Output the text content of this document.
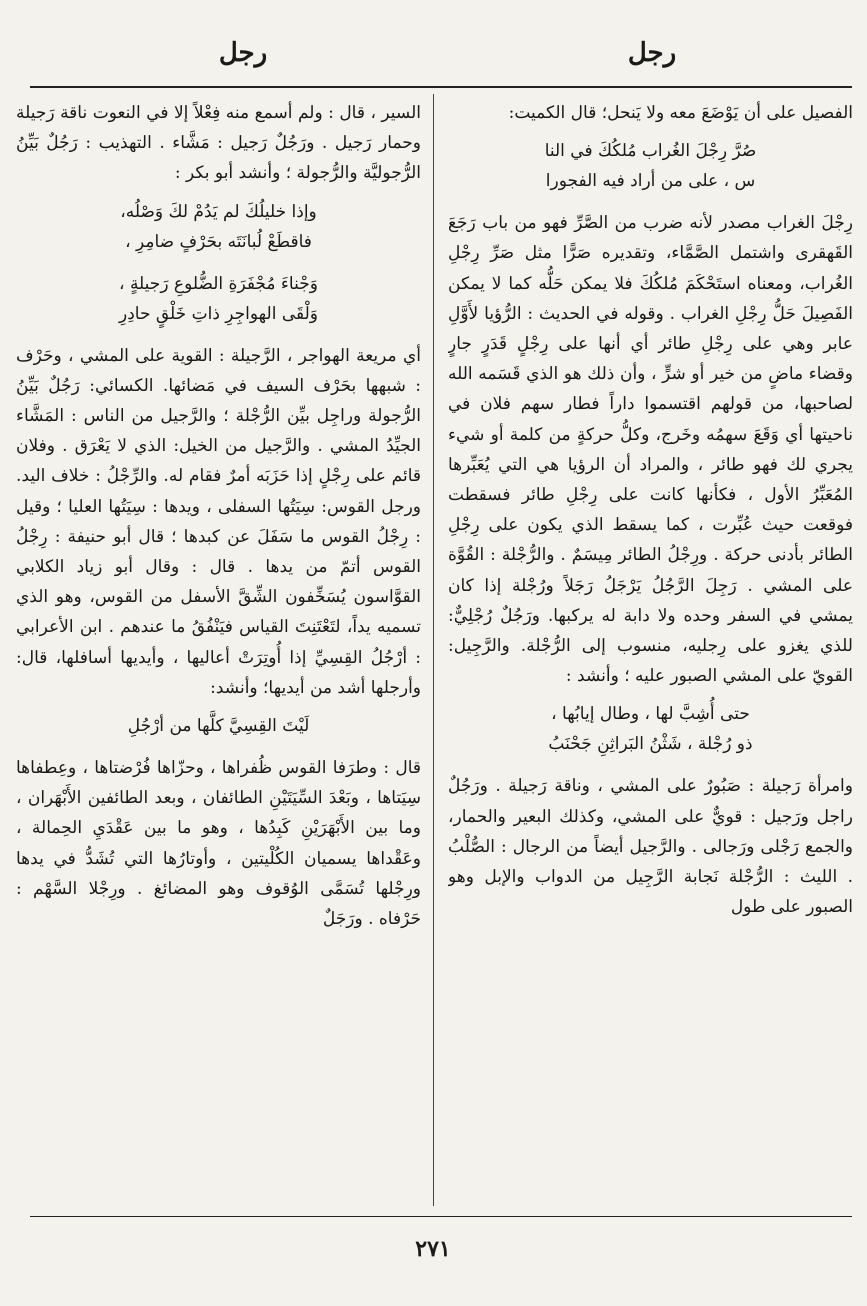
رجل
رجل

الفصيل على أن يَوْضَعَ معه ولا يَنحل؛ قال الكميت:

صُرَّ رِجْلَ الغُراب مُلكُكَ في النا
س ، على من أراد فيه الفجورا

رِجْلَ الغراب مصدر لأنه ضرب من الصَّرِّ فهو من باب رَجَعَ القَهقرى واشتمل الصَّمَّاء، وتقديره صَرًّا مثل صَرِّ رِجْلِ الغُراب، ومعناه استَحْكَمَ مُلكُكَ فلا يمكن حَلُّه كما لا يمكن الفَصِيلَ حَلُّ رِجْلِ الغراب . وقوله في الحديث : الرُّؤيا لأَوَّلِ عابر وهي على رِجْلِ طائر أي أنها على رِجْلٍ قَدَرٍ جارٍ وقضاء ماضٍ من خير أو شرٍّ ، وأن ذلك هو الذي قَسَمه الله لصاحبها، من قولهم اقتسموا داراً فطار سهم فلان في ناحيتها أي وَقَعَ سهمُه وخَرج، وكلُّ حركةٍ من كلمة أو شيء يجري لك فهو طائر ، والمراد أن الرؤيا هي التي يُعَبِّرها المُعَبِّرُ الأول ، فكأنها كانت على رِجْلِ طائر فسقطت فوقعت حيث عُبِّرت ، كما يسقط الذي يكون على رِجْلِ الطائر بأدنى حركة . ورِجْلُ الطائر مِيسَمٌ . والرُّجْلة : القُوَّة على المشي . رَجِلَ الرَّجُلُ يَرْجَلُ رَجَلاً ورُجْلة إذا كان يمشي في السفر وحده ولا دابة له يركبها. ورَجُلٌ رُجْلِيٌّ: للذي يغزو على رِجليه، منسوب إلى الرُّجْلة. والرَّجِيل: القويّ على المشي الصبور عليه ؛ وأنشد :

حتى أُشِبَّ لها ، وطال إيابُها ،
ذو رُجْلة ، شَثْنُ البَراثِنِ جَحْنَبُ

وامرأة رَجيلة : صَبُورٌ على المشي ، وناقة رَجيلة . ورَجُلٌ راجل ورَجيل : قويٌّ على المشي، وكذلك البعير والحمار، والجمع رَجْلى ورَجالى . والرَّجيل أيضاً من الرجال : الصُّلْبُ . الليث : الرُّجْلة نَجابة الرَّجِيل من الدواب والإبل وهو الصبور على طول

السير ، قال : ولم أسمع منه فِعْلاً إلا في النعوت ناقة رَجيلة وحمار رَجيل . ورَجُلٌ رَجيل : مَشَّاء . التهذيب : رَجُلٌ بَيِّنُ الرُّجوليَّة والرُّجولة ؛ وأنشد أبو بكر :

وإذا خليلُكَ لم يَدُمْ لكَ وَصْلُه،
فاقطَعْ لُبانَتَه بحَرْفٍ ضامِرِ ،
وَجْناءَ مُجْفَرَةِ الضُّلوعِ رَجيلةٍ ،
وَلْقَى الهواجِرِ ذاتِ خَلْقٍ حادِرِ

أي مريعة الهواجر ، الرَّجيلة : القوية على المشي ، وحَرْف : شبهها بحَرْف السيف في مَضائها. الكسائي: رَجُلٌ بَيِّنُ الرُّجولة وراجِل بيِّن الرُّجْلة ؛ والرَّجيل من الناس : المَشَّاء الجيِّدُ المشي . والرَّجيل من الخيل: الذي لا يَعْرَق . وفلان قائم على رِجْلٍ إذا حَزَبَه أمرٌ فقام له. والرِّجْلُ : خلاف اليد. ورجل القوس: سِيَتُها السفلى ، ويدها : سِيَتُها العليا ؛ وقيل : رِجْلُ القوس ما سَفَلَ عن كبدها ؛ قال أبو حنيفة : رِجْلُ القوس أتمّ من يدها . قال : وقال أبو زياد الكلابي القوَّاسون يُسَخِّفون الشِّقَّ الأسفل من القوس، وهو الذي تسميه يداً، لتَعْتَنِتَ القياس فيَنْفُقُ ما عندهم . ابن الأعرابي : أرْجُلُ القِسِيِّ إذا أُوتِرَتْ أعاليها ، وأيديها أسافلها، قال: وأرجلها أشد من أيديها؛ وأنشد:

لَيْتَ القِسِيَّ كلَّها من أرْجُلِ

قال : وطرَفا القوس ظُفراها ، وحزّاها فُرْضتاها ، وعِطفاها سِيَتاها ، وبَعْدَ السِّيَتَيْنِ الطائفان ، وبعد الطائفين الأَبْهَران ، وما بين الأَبْهَرَيْنِ كَبِدُها ، وهو ما بين عَقْدَيِ الحِمالة ، وعَقْداها يسميان الكُلْيتين ، وأوتارُها التي تُشَدُّ في يدها ورِجْلها تُسَمَّى الوُقوف وهو المضائغ . ورِجْلا السَّهْم : حَرْفاه . ورَجَلٌ

٢٧١
